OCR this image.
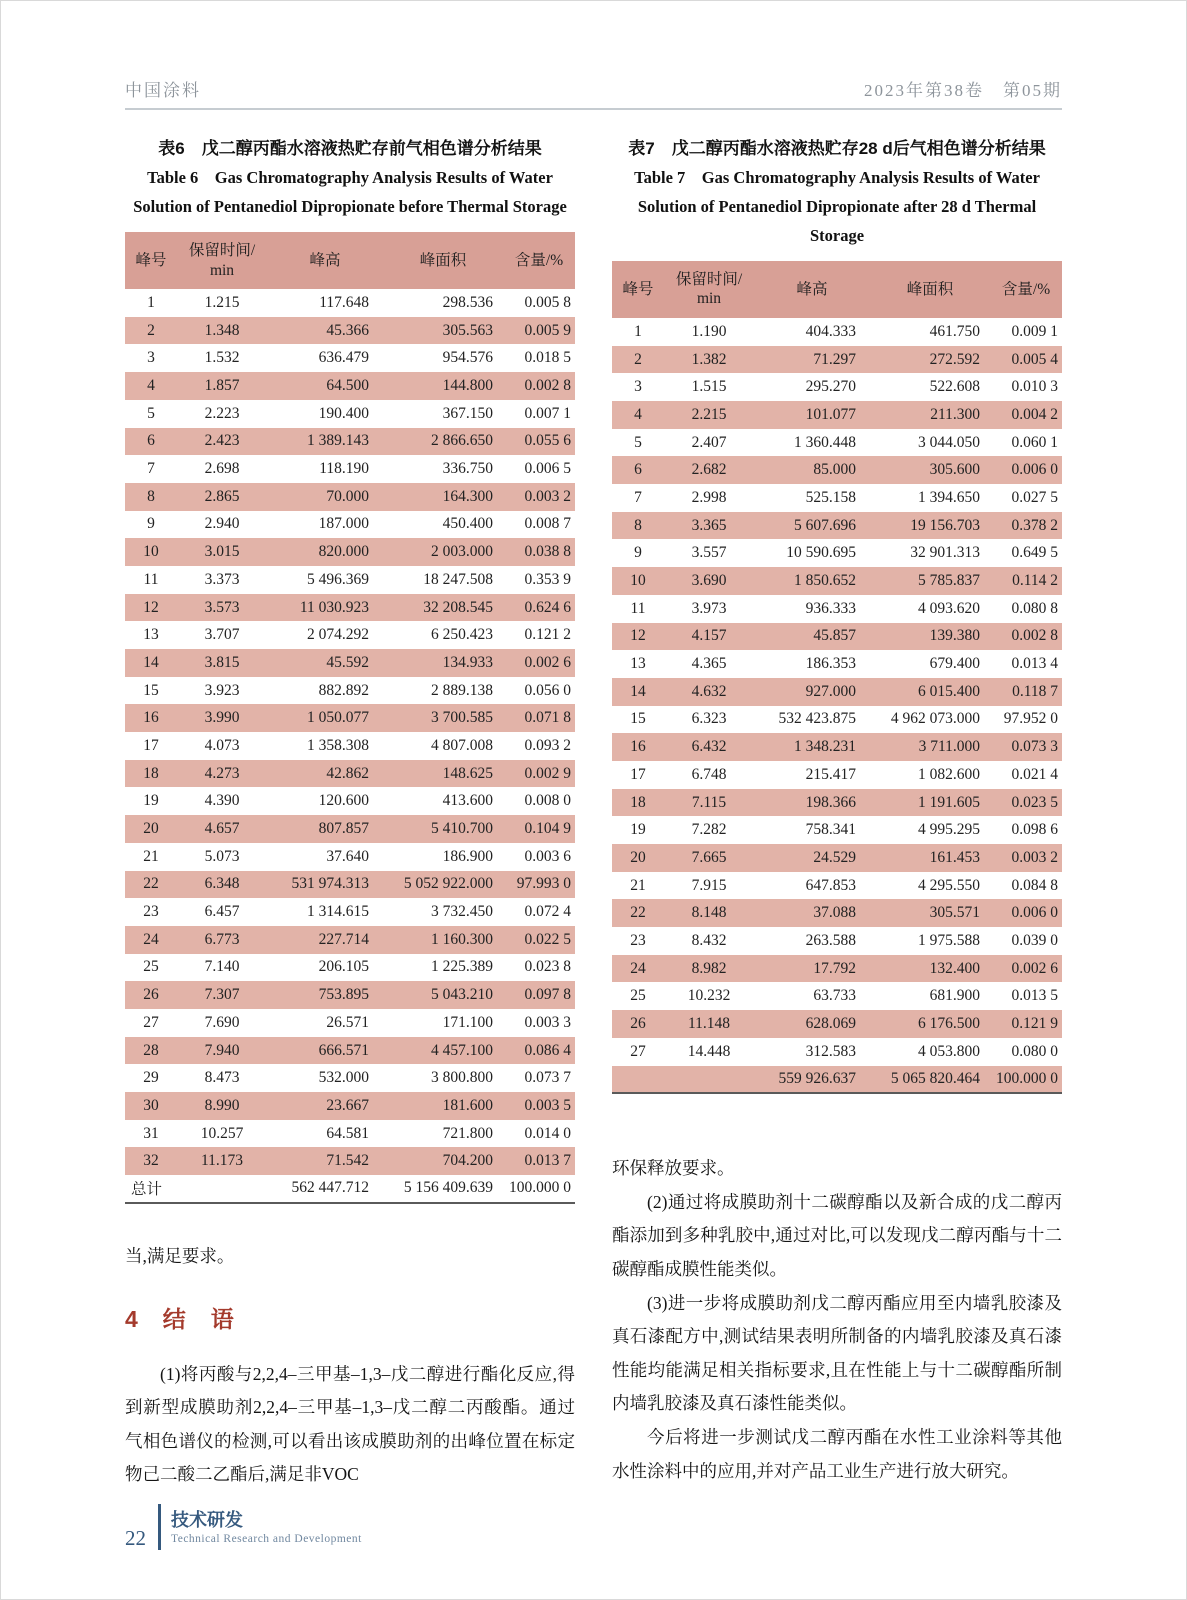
中国涂料	2023年第38卷　第05期
表6　戊二醇丙酯水溶液热贮存前气相色谱分析结果
Table 6　Gas Chromatography Analysis Results of Water Solution of Pentanediol Dipropionate before Thermal Storage
峰号	保留时间/
min	峰高	峰面积	含量/%
1	1.215	117.648	298.536	0.005 8
2	1.348	45.366	305.563	0.005 9
3	1.532	636.479	954.576	0.018 5
4	1.857	64.500	144.800	0.002 8
5	2.223	190.400	367.150	0.007 1
6	2.423	1 389.143	2 866.650	0.055 6
7	2.698	118.190	336.750	0.006 5
8	2.865	70.000	164.300	0.003 2
9	2.940	187.000	450.400	0.008 7
10	3.015	820.000	2 003.000	0.038 8
11	3.373	5 496.369	18 247.508	0.353 9
12	3.573	11 030.923	32 208.545	0.624 6
13	3.707	2 074.292	6 250.423	0.121 2
14	3.815	45.592	134.933	0.002 6
15	3.923	882.892	2 889.138	0.056 0
16	3.990	1 050.077	3 700.585	0.071 8
17	4.073	1 358.308	4 807.008	0.093 2
18	4.273	42.862	148.625	0.002 9
19	4.390	120.600	413.600	0.008 0
20	4.657	807.857	5 410.700	0.104 9
21	5.073	37.640	186.900	0.003 6
22	6.348	531 974.313	5 052 922.000	97.993 0
23	6.457	1 314.615	3 732.450	0.072 4
24	6.773	227.714	1 160.300	0.022 5
25	7.140	206.105	1 225.389	0.023 8
26	7.307	753.895	5 043.210	0.097 8
27	7.690	26.571	171.100	0.003 3
28	7.940	666.571	4 457.100	0.086 4
29	8.473	532.000	3 800.800	0.073 7
30	8.990	23.667	181.600	0.003 5
31	10.257	64.581	721.800	0.014 0
32	11.173	71.542	704.200	0.013 7
总计		562 447.712	5 156 409.639	100.000 0

当,满足要求。

4　结　语

(1)将丙酸与2,2,4–三甲基–1,3–戊二醇进行酯化反应,得到新型成膜助剂2,2,4–三甲基–1,3–戊二醇二丙酸酯。通过气相色谱仪的检测,可以看出该成膜助剂的出峰位置在标定物己二酸二乙酯后,满足非VOC

表7　戊二醇丙酯水溶液热贮存28 d后气相色谱分析结果
Table 7　Gas Chromatography Analysis Results of Water Solution of Pentanediol Dipropionate after 28 d Thermal Storage
峰号	保留时间/
min	峰高	峰面积	含量/%
1	1.190	404.333	461.750	0.009 1
2	1.382	71.297	272.592	0.005 4
3	1.515	295.270	522.608	0.010 3
4	2.215	101.077	211.300	0.004 2
5	2.407	1 360.448	3 044.050	0.060 1
6	2.682	85.000	305.600	0.006 0
7	2.998	525.158	1 394.650	0.027 5
8	3.365	5 607.696	19 156.703	0.378 2
9	3.557	10 590.695	32 901.313	0.649 5
10	3.690	1 850.652	5 785.837	0.114 2
11	3.973	936.333	4 093.620	0.080 8
12	4.157	45.857	139.380	0.002 8
13	4.365	186.353	679.400	0.013 4
14	4.632	927.000	6 015.400	0.118 7
15	6.323	532 423.875	4 962 073.000	97.952 0
16	6.432	1 348.231	3 711.000	0.073 3
17	6.748	215.417	1 082.600	0.021 4
18	7.115	198.366	1 191.605	0.023 5
19	7.282	758.341	4 995.295	0.098 6
20	7.665	24.529	161.453	0.003 2
21	7.915	647.853	4 295.550	0.084 8
22	8.148	37.088	305.571	0.006 0
23	8.432	263.588	1 975.588	0.039 0
24	8.982	17.792	132.400	0.002 6
25	10.232	63.733	681.900	0.013 5
26	11.148	628.069	6 176.500	0.121 9
27	14.448	312.583	4 053.800	0.080 0
		559 926.637	5 065 820.464	100.000 0

环保释放要求。

(2)通过将成膜助剂十二碳醇酯以及新合成的戊二醇丙酯添加到多种乳胶中,通过对比,可以发现戊二醇丙酯与十二碳醇酯成膜性能类似。

(3)进一步将成膜助剂戊二醇丙酯应用至内墙乳胶漆及真石漆配方中,测试结果表明所制备的内墙乳胶漆及真石漆性能均能满足相关指标要求,且在性能上与十二碳醇酯所制内墙乳胶漆及真石漆性能类似。

今后将进一步测试戊二醇丙酯在水性工业涂料等其他水性涂料中的应用,并对产品工业生产进行放大研究。

22
技术研发
Technical Research and Development
